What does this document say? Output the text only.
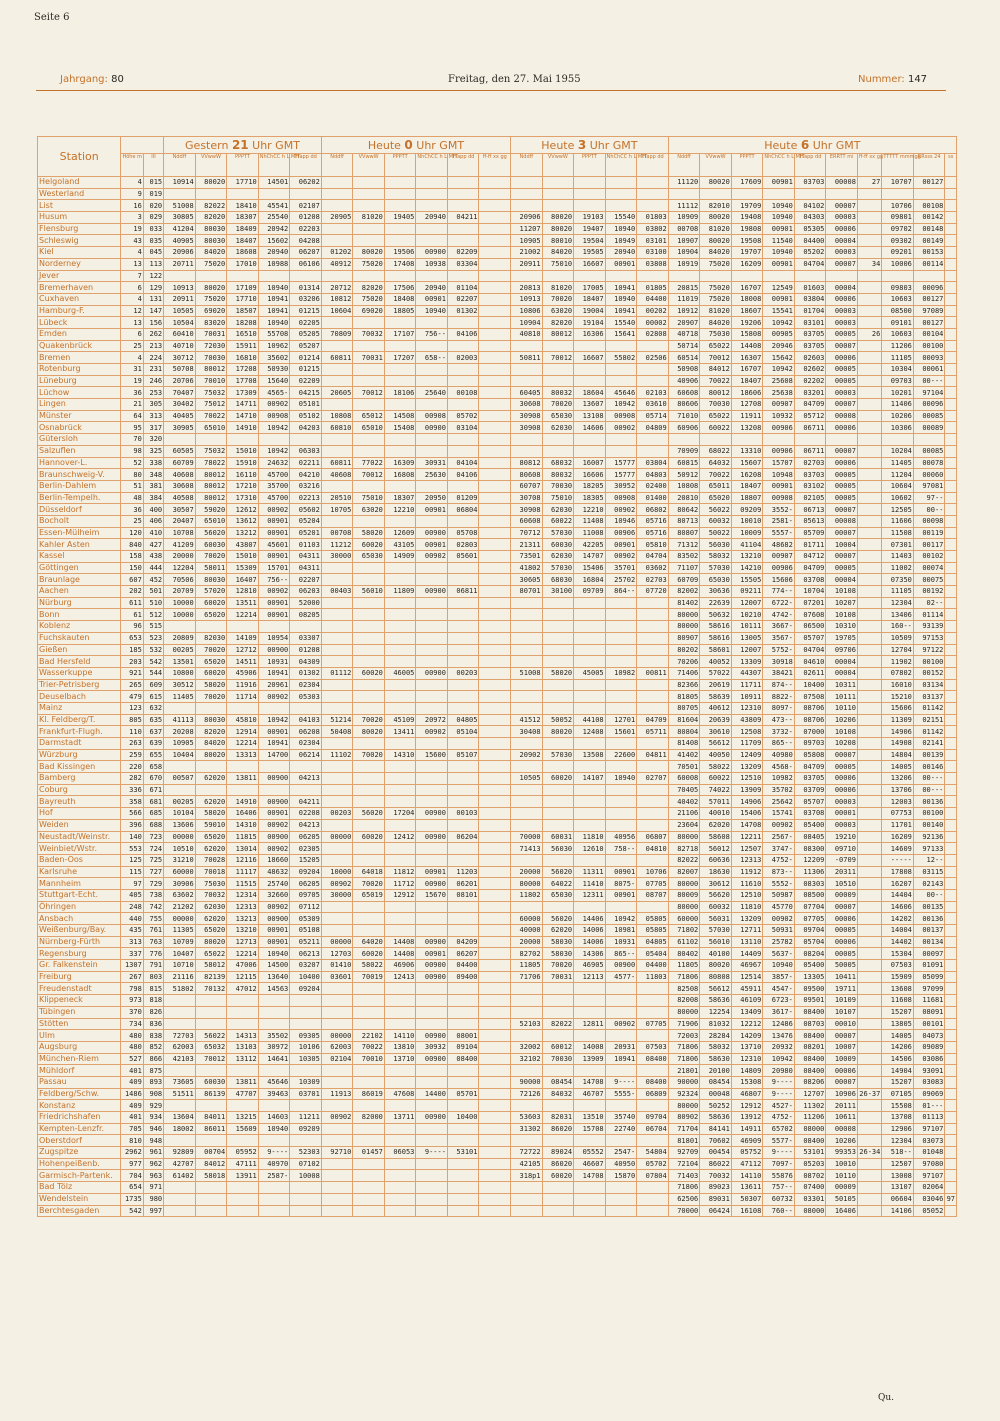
Seite 6
Jahrgang: 80	Freitag, den 27. Mai 1955	Nummer: 147
Station			Gestern 21 Uhr GMT					Heute 0 Uhr GMT						Heute 3 Uhr GMT					Heute 6 Uhr GMT									
	Höhe m	III	Nddff	VVwwW	PPPTT	NhChCC h L MH	TTapp dd	Nddff	VVwwW	PPPTT	NhChCC h L MH	TTapp dd	ff-ff xx gg	Nddff	VVwwW	PPPTT	NhChCC h L MH	TTapp dd	Nddff	VVwwW	PPPTT	NhChCC h L MH	TTapp dd	ERRTT mi	ff-ff xx gg	TTTTT mmmgg	RRsss 24	ss
Helgoland	4	015	10914	80020	17710	14501	06202												11120	80020	17609	00901	03703	00008	27	10707	00127	
Westerland	9	019																										
List	16	020	51008	82022	18410	45541	02107												11112	82010	19709	10940	04102	00007		10706	00108	
Husum	3	029	30805	82020	18307	25540	01208	20905	81020	19405	20940	04211		20906	80020	19103	15540	01803	10909	80020	19408	10940	04303	00003		09801	00142	
Flensburg	19	033	41204	80030	18409	20942	02203							11207	80020	19407	10940	03802	00708	81020	19808	00901	05305	00006		09702	00148	
Schleswig	43	035	40905	80030	18407	15602	04208							10905	80010	19504	10949	03101	10907	80020	19508	11540	04400	00004		09302	00149	
Kiel	4	045	20906	84020	18608	20940	06207	01202	80020	19506	00900	02209		21002	84020	19505	20940	03100	10904	84020	19707	10940	05202	00003		09201	00153	
Norderney	13	113	20711	75020	17010	10988	06106	40912	75020	17408	10938	03304		20911	75010	16607	00901	03808	10919	75020	16209	00901	04704	00007	34	10006	00114	
Jever	7	122																										
Bremerhaven	6	129	10913	80020	17109	10940	01314	20712	82020	17506	20940	01104		20813	81020	17005	10941	01805	20815	75020	16707	12549	01603	00004		09803	00096	
Cuxhaven	4	131	20911	75020	17710	10941	03206	10812	75020	18408	00901	02207		10913	70020	18407	10940	04400	11019	75020	18008	00901	03804	00006		10603	00127	
Hamburg-F.	12	147	10505	69020	18507	10941	01215	10604	69020	18805	10940	01302		10806	63020	19004	10941	00202	10912	81020	18607	15541	01704	00003		08500	97089	
Lübeck	13	156	10504	83020	18208	10940	02205							10904	82020	19104	15540	00002	20907	84020	19206	10942	03101	00003		09101	00127	
Emden	6	262	60410	70031	16510	55708	05205	70809	70032	17107	756--	04106		40810	80012	16306	15641	02808	40718	75030	15808	00905	03705	00005	26	10603	00104	
Quakenbrück	25	213	40710	72030	15911	10962	05207												50714	65022	14408	20946	03705	00007		11206	00100	
Bremen	4	224	30712	70030	16810	35602	01214	60811	70031	17207	658--	02003		50811	70012	16607	55802	02506	60514	70012	16307	15642	02603	00006		11105	00093	
Rotenburg	31	231	50708	80012	17208	50930	01215												50908	84012	16707	10942	02602	00005		10304	00061	
Lüneburg	19	246	20706	70010	17708	15640	02209												40906	70022	18407	25608	02202	00005		09703	00---	
Lüchow	36	253	70407	75032	17309	4565-	04215	20605	70012	18106	25640	00108		60405	80032	18604	45646	02103	60608	80012	18606	25638	03201	00003		10201	97104	
Lingen	21	305	30402	75012	14711	00902	05101							30608	70020	13607	10942	03610	80606	70030	12708	00907	04709	00007		11406	00096	
Münster	64	313	40405	70022	14710	00908	05102	10808	65012	14508	00908	05702		30908	65030	13108	00908	05714	71010	65022	11911	10932	05712	00008		10206	00085	
Osnabrück	95	317	30905	65010	14910	10942	04203	60810	65010	15408	00900	03104		30908	62030	14606	00902	04809	60906	60022	13208	00906	06711	00006		10306	00089	
Gütersloh	70	320																										
Salzuflen	98	325	60505	75032	15010	10942	06303												70909	68022	13310	00906	06711	00007		10204	00085	
Hannover-L.	52	338	60709	78022	15910	24632	02211	60811	77022	16309	30931	04104		80812	68032	16007	15777	03804	60815	64032	15607	15707	02703	00006		11405	00078	
Braunschweig-V.	80	348	40608	80012	16110	45700	04210	40608	70012	16808	25630	04106		80608	80032	16606	15777	04803	50912	70022	16208	10948	03703	00005		11204	00060	
Berlin-Dahlem	51	381	30608	80012	17210	35700	03216							60707	70030	18205	30952	02400	10808	65011	18407	00901	03102	00005		10604	97081	
Berlin-Tempelh.	48	384	40508	80012	17310	45700	02213	20510	75010	18307	20950	01209		30708	75010	18305	00908	01400	20810	65020	18807	00908	02105	00005		10602	97--	
Düsseldorf	36	400	30507	59020	12612	00902	05602	10705	63020	12210	00901	06804		30908	62030	12210	00902	06802	80642	56022	09209	3552-	06713	00007		12505	00--	
Bocholt	25	406	20407	65010	13612	00901	05204							60608	60022	11408	10946	05716	80713	60032	10010	2581-	05613	00008		11606	00098	
Essen-Mülheim	120	410	10708	56020	13212	00901	05201	00708	58020	12609	00900	05708		70712	57030	11008	00906	05716	80807	50022	10009	5557-	05709	00007		11508	00119	
Kahler Asten	840	427	41209	60030	43807	45601	01103	11212	60020	43105	00901	02803		21311	60030	42205	00901	05810	71312	56030	41104	48682	01711	10004		07301	00117	
Kassel	158	438	20000	70020	15010	00901	04311	30000	65030	14909	00902	05601		73501	62030	14707	00902	04704	83502	58032	13210	00907	04712	00007		11403	00102	
Göttingen	150	444	12204	58011	15309	15701	04311							41802	57030	15406	35701	03602	71107	57030	14210	00906	04709	00005		11002	00074	
Braunlage	607	452	70506	80030	16407	756--	02207							30605	68030	16804	25702	02703	60709	65030	15505	15606	03708	00004		07350	00075	
Aachen	202	501	20709	57020	12810	00902	06203	00403	56010	11809	00900	06811		80701	30100	09709	864--	07720	82002	30636	09211	774--	10704	10108		11105	00192	
Nürburg	611	510	10000	60020	13511	00901	52000												81402	22639	12007	6722-	07201	10207		12304	02--	
Bonn	61	512	10000	65020	12214	00901	08205												80000	50632	10210	4742-	07608	10108		13406	01114	
Koblenz	96	515																	80000	58616	10111	3667-	06500	10310		160--	93139	
Fuchskauten	653	523	20809	82030	14109	10954	03307												80907	58616	13005	3567-	05707	19705		10509	97153	
Gießen	185	532	00205	70020	12712	00900	01208												80202	58601	12007	5752-	04704	09706		12704	97122	
Bad Hersfeld	203	542	13501	65020	14511	10931	04309												70206	40052	13309	30918	04610	00004		11902	00100	
Wasserkuppe	921	544	10800	60020	45906	10941	01302	01112	60020	46005	00900	00203		51008	58020	45005	10982	00811	71406	57022	44307	38421	02611	00004		07802	00152	
Trier-Petrisberg	265	609	30512	58020	11916	20961	02304												82366	20619	11711	874--	10400	10311		16010	03134	
Deuselbach	479	615	11405	70020	11714	00902	05303												81805	58639	10911	8822-	07508	10111		15210	03137	
Mainz	123	632																	80705	40612	12310	8097-	08706	10110		15606	01142	
Kl. Feldberg/T.	805	635	41113	80030	45810	10942	04103	51214	70020	45109	20972	04805		41512	50052	44108	12701	04709	81604	20639	43809	473--	08706	10206		11309	02151	
Frankfurt-Flugh.	110	637	20208	82020	12914	00901	06208	50408	80020	13411	00902	05104		30408	80020	12408	15601	05711	80804	30610	12508	3732-	07000	10108		14906	01142	
Darmstadt	263	639	10905	84020	12214	10941	02304												81408	56612	11709	865--	09703	10208		14908	02141	
Würzburg	259	655	10404	80020	13313	14700	06214	11102	70020	14310	15600	05107		20902	57030	13508	22600	04811	41402	40050	12409	40980	05808	00007		14804	00139	
Bad Kissingen	220	658																	70501	58022	13209	4568-	04709	00005		14005	00146	
Bamberg	282	670	00507	62020	13811	00900	04213							10505	60020	14107	10940	02707	60008	60022	12510	10982	03705	00006		13206	00---	
Coburg	336	671																	70405	74022	13909	35702	03709	00006		13706	00---	
Bayreuth	358	681	00205	62020	14910	00900	04211												40402	57011	14906	25642	05707	00003		12003	00136	
Hof	566	685	10104	58020	16406	00901	02208	00203	56020	17204	00900	00103							21106	40010	15406	15741	03708	00001		07753	00100	
Weiden	396	688	13606	59010	14310	00902	04213												23604	62020	14708	00902	05400	00003		11701	00140	
Neustadt/Weinstr.	140	723	00000	65020	11815	00900	06205	00000	60020	12412	00900	06204		70000	60031	11810	40956	06807	80000	58608	12211	2567-	08405	19210		16209	92136	
Weinbiet/Wstr.	553	724	10510	62020	13014	00902	02305							71413	56030	12610	758--	04810	82718	56012	12507	3747-	08300	09710		14609	97133	
Baden-Oos	125	725	31210	70028	12116	18660	15205												82022	60636	12313	4752-	12209	-0709		-----	12--	
Karlsruhe	115	727	60000	70018	11117	48632	09204	10000	64018	11812	00901	11203		20000	56020	11311	00901	10706	82007	18630	11912	873--	11306	20311		17808	03115	
Mannheim	97	729	30906	75030	11515	25740	06205	00902	70020	11712	00900	06201		80000	64022	11410	8075-	07705	80000	30612	11610	5552-	08303	10510		16207	02143	
Stuttgart-Echt.	405	738	63602	70032	12314	32660	09705	30000	65019	12912	15670	08101		11802	65030	12311	00901	08707	80009	56620	12510	50987	08500	00009		14404	00--	
Öhringen	248	742	21202	62030	12313	00902	07112												80000	60032	11810	45770	07704	00007		14606	00135	
Ansbach	440	755	00000	62020	13213	00900	05309							60000	56020	14406	10942	05805	60000	56031	13209	00902	07705	00006		14202	00136	
Weißenburg/Bay.	435	761	11305	65020	13210	00901	05108							40000	62020	14006	10981	05805	71802	57030	12711	50931	09704	00005		14004	00137	
Nürnberg-Fürth	313	763	10709	80020	12713	00901	05211	00000	64020	14408	00900	04209		20000	58030	14006	10931	04805	61102	56010	13110	25782	05704	00006		14402	00134	
Regensburg	337	776	10407	65022	12214	10940	06213	12703	60020	14408	00901	06207		82702	58030	14306	865--	05404	80402	40100	14409	5637-	08204	00005		15304	00097	
Gr. Falkenstein	1307	791	10710	58012	47006	14500	03207	01410	58022	46906	00900	04400		11805	70020	46905	00900	04400	11805	80020	46967	10940	05400	50005		07503	01091	
Freiburg	267	803	21116	82139	12115	13640	10400	03601	70019	12413	00900	09400		71706	70031	12113	4577-	11803	71806	80808	12514	3857-	13305	10411		15909	05099	
Freudenstadt	798	815	51802	70132	47012	14563	09204												82508	56612	45911	4547-	09500	19711		13608	97099	
Klippeneck	973	818																	82008	58636	46109	6723-	09501	10109		11608	11681	
Tübingen	370	826																	80000	12254	13409	3617-	08400	10107		15207	08091	
Stötten	734	836												52103	82022	12811	00902	07705	71906	81032	12212	12486	08703	00010		13805	00101	
Ulm	480	838	72703	56022	14313	35502	09305	00000	22102	14110	00900	08001							72003	28284	14209	13476	08400	00007		14005	04073	
Augsburg	480	852	62003	65032	13103	30972	10106	62003	70022	13810	30932	09104		32002	60012	14008	20931	07503	71806	58032	13710	20932	08201	10007		14206	09089	
München-Riem	527	866	42103	70012	13112	14641	10305	02104	70010	13710	00900	08400		32102	70030	13909	10941	08400	71806	58630	12310	10942	08400	10009		14506	03086	
Mühldorf	401	875																	21801	20100	14809	20980	08400	00006		14904	93091	
Passau	409	893	73605	60030	13811	45646	10309							90000	08454	14708	9----	08400	90000	08454	15308	9----	08206	00007		15207	03083	
Feldberg/Schw.	1486	908	51511	86139	47707	39463	03701	11913	86019	47608	14400	05701		72126	84032	46707	5555-	06809	92324	00048	46807	9----	12707	10906	26-37	07105	09069	
Konstanz	409	929																	80000	50252	12912	4527-	11302	20111		15508	01---	
Friedrichshafen	401	934	13604	84011	13215	14603	11211	00902	82000	13711	00900	10400		53603	82031	13510	35740	09704	80902	58636	13912	4752-	11206	10611		13708	01113	
Kempten-Lenzfr.	705	946	18002	86011	15609	10940	09209							31302	86020	15708	22740	06704	71704	84141	14911	65702	08000	00008		12906	97107	
Oberstdorf	810	948																	81801	70602	46909	5577-	08400	10206		12304	03073	
Zugspitze	2962	961	92809	00704	05952	9----	52303	92710	01457	06053	9----	53101		72722	89024	05552	2547-	54804	92709	00454	05752	9----	53101	99353	26-34	518--	01048	
Hohenpeißenb.	977	962	42707	84012	47111	40970	07102							42105	86020	46607	40950	05702	72104	86022	47112	7097-	05203	10010		12507	97080	
Garmisch-Partenk.	704	963	61402	58018	13911	2587-	10008							318p1	60020	14708	15870	07804	71403	70032	14110	55876	08702	10110		13008	97107	
Bad Tölz	654	971																	71806	89023	13611	757--	07400	00009		13107	02064	
Wendelstein	1735	980																	62506	89031	50307	60732	03301	50105		06604	03046	97
Berchtesgaden	542	997																	70000	06424	16108	760--	08000	16406		14106	05052	
Qu.
